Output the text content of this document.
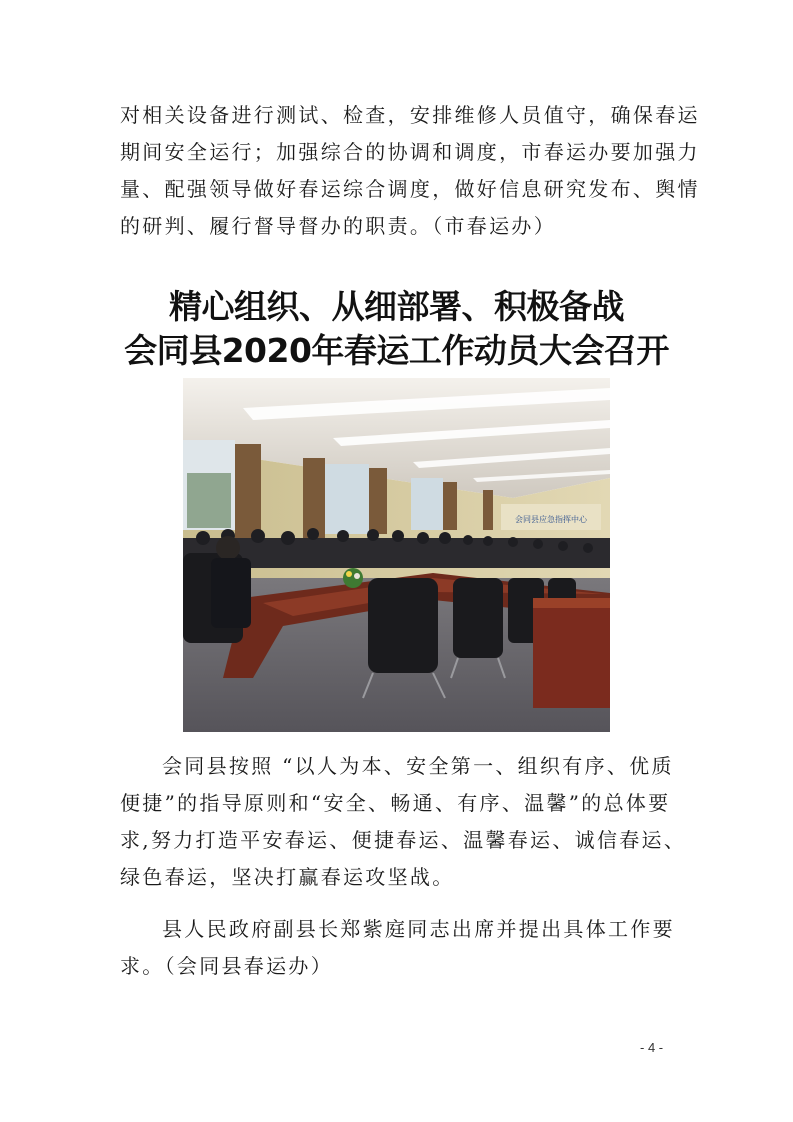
对相关设备进行测试、检查，安排维修人员值守，确保春运
期间安全运行；加强综合的协调和调度，市春运办要加强力
量、配强领导做好春运综合调度，做好信息研究发布、舆情
的研判、履行督导督办的职责。（市春运办）

精心组织、从细部署、积极备战
会同县2020年春运工作动员大会召开
会同县应急指挥中心

会同县按照 “以人为本、安全第一、组织有序、优质
便捷”的指导原则和“安全、畅通、有序、温馨”的总体要
求,努力打造平安春运、便捷春运、温馨春运、诚信春运、
绿色春运，坚决打赢春运攻坚战。

县人民政府副县长郑紫庭同志出席并提出具体工作要
求。（会同县春运办）

- 4 -
